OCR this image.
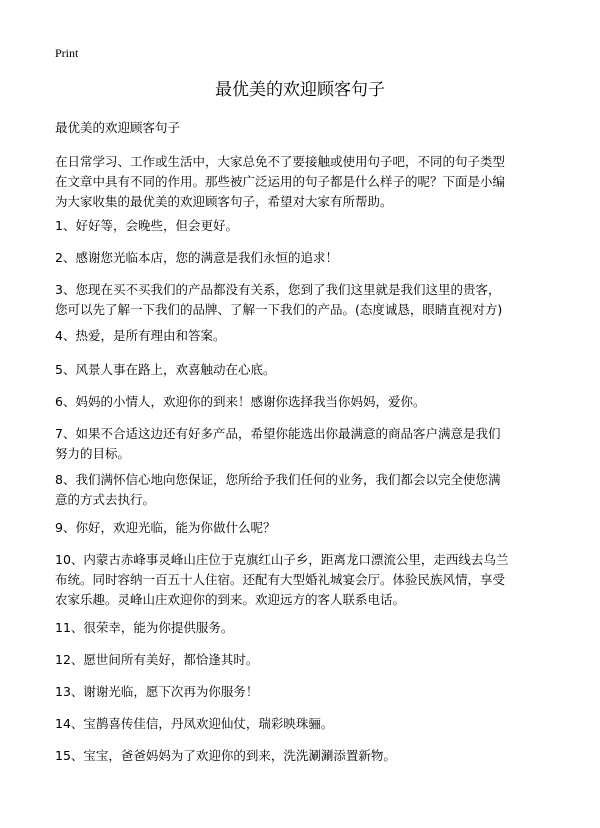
Print
最优美的欢迎顾客句子
最优美的欢迎顾客句子

在日常学习、工作或生活中，大家总免不了要接触或使用句子吧，不同的句子类型
在文章中具有不同的作用。那些被广泛运用的句子都是什么样子的呢？下面是小编
为大家收集的最优美的欢迎顾客句子，希望对大家有所帮助。

1、好好等，会晚些，但会更好。

2、感谢您光临本店，您的满意是我们永恒的追求！

3、您现在买不买我们的产品都没有关系，您到了我们这里就是我们这里的贵客，
您可以先了解一下我们的品牌、了解一下我们的产品。(态度诚恳，眼睛直视对方)

4、热爱，是所有理由和答案。

5、风景人事在路上，欢喜触动在心底。

6、妈妈的小情人，欢迎你的到来！感谢你选择我当你妈妈，爱你。

7、如果不合适这边还有好多产品，希望你能选出你最满意的商品客户满意是我们
努力的目标。

8、我们满怀信心地向您保证，您所给予我们任何的业务，我们都会以完全使您满
意的方式去执行。

9、你好，欢迎光临，能为你做什么呢？

10、内蒙古赤峰事灵峰山庄位于克旗红山子乡，距离龙口漂流公里，走西线去乌兰
布统。同时容纳一百五十人住宿。还配有大型婚礼城宴会厅。体验民族风情，享受
农家乐趣。灵峰山庄欢迎你的到来。欢迎远方的客人联系电话。

11、很荣幸，能为你提供服务。

12、愿世间所有美好，都恰逢其时。

13、谢谢光临，愿下次再为你服务！

14、宝鹊喜传佳信，丹凤欢迎仙仗，瑞彩映珠骊。

15、宝宝，爸爸妈妈为了欢迎你的到来，洗洗涮涮添置新物。
